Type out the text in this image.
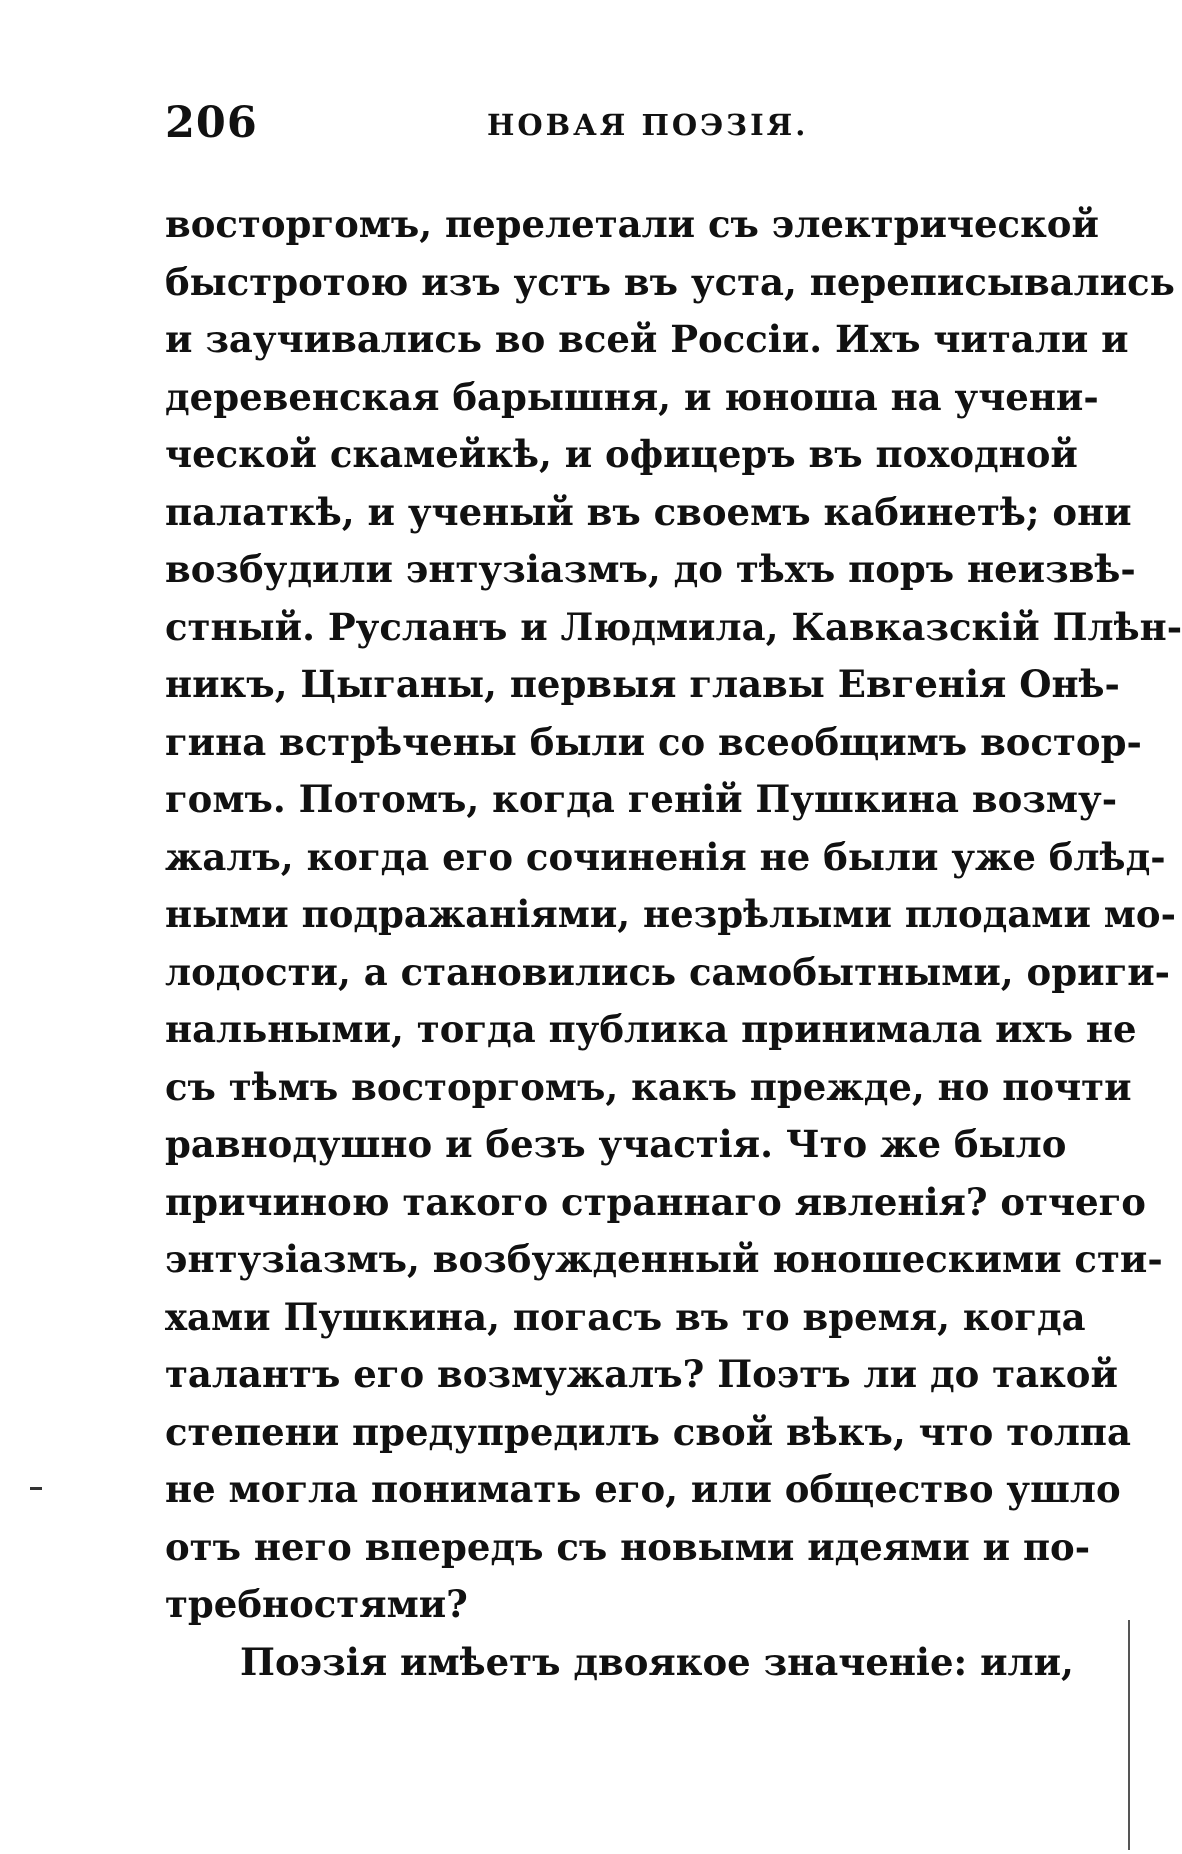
206	НОВАЯ ПОЭЗІЯ.
восторгомъ, перелетали съ электрической
быстротою изъ устъ въ уста, переписывались
и заучивались во всей Россіи. Ихъ читали и
деревенская барышня, и юноша на учени-
ческой скамейкѣ, и офицеръ въ походной
палаткѣ, и ученый въ своемъ кабинетѣ; они
возбудили энтузіазмъ, до тѣхъ поръ неизвѣ-
стный. Русланъ и Людмила, Кавказскій Плѣн-
никъ, Цыганы, первыя главы Евгенія Онѣ-
гина встрѣчены были со всеобщимъ востор-
гомъ. Потомъ, когда геній Пушкина возму-
жалъ, когда его сочиненія не были уже блѣд-
ными подражаніями, незрѣлыми плодами мо-
лодости, а становились самобытными, ориги-
нальными, тогда публика принимала ихъ не
съ тѣмъ восторгомъ, какъ прежде, но почти
равнодушно и безъ участія. Что же было
причиною такого страннаго явленія? отчего
энтузіазмъ, возбужденный юношескими сти-
хами Пушкина, погасъ въ то время, когда
талантъ его возмужалъ? Поэтъ ли до такой
степени предупредилъ свой вѣкъ, что толпа
не могла понимать его, или общество ушло
отъ него впередъ съ новыми идеями и по-
требностями?
Поэзія имѣетъ двоякое значеніе: или,
